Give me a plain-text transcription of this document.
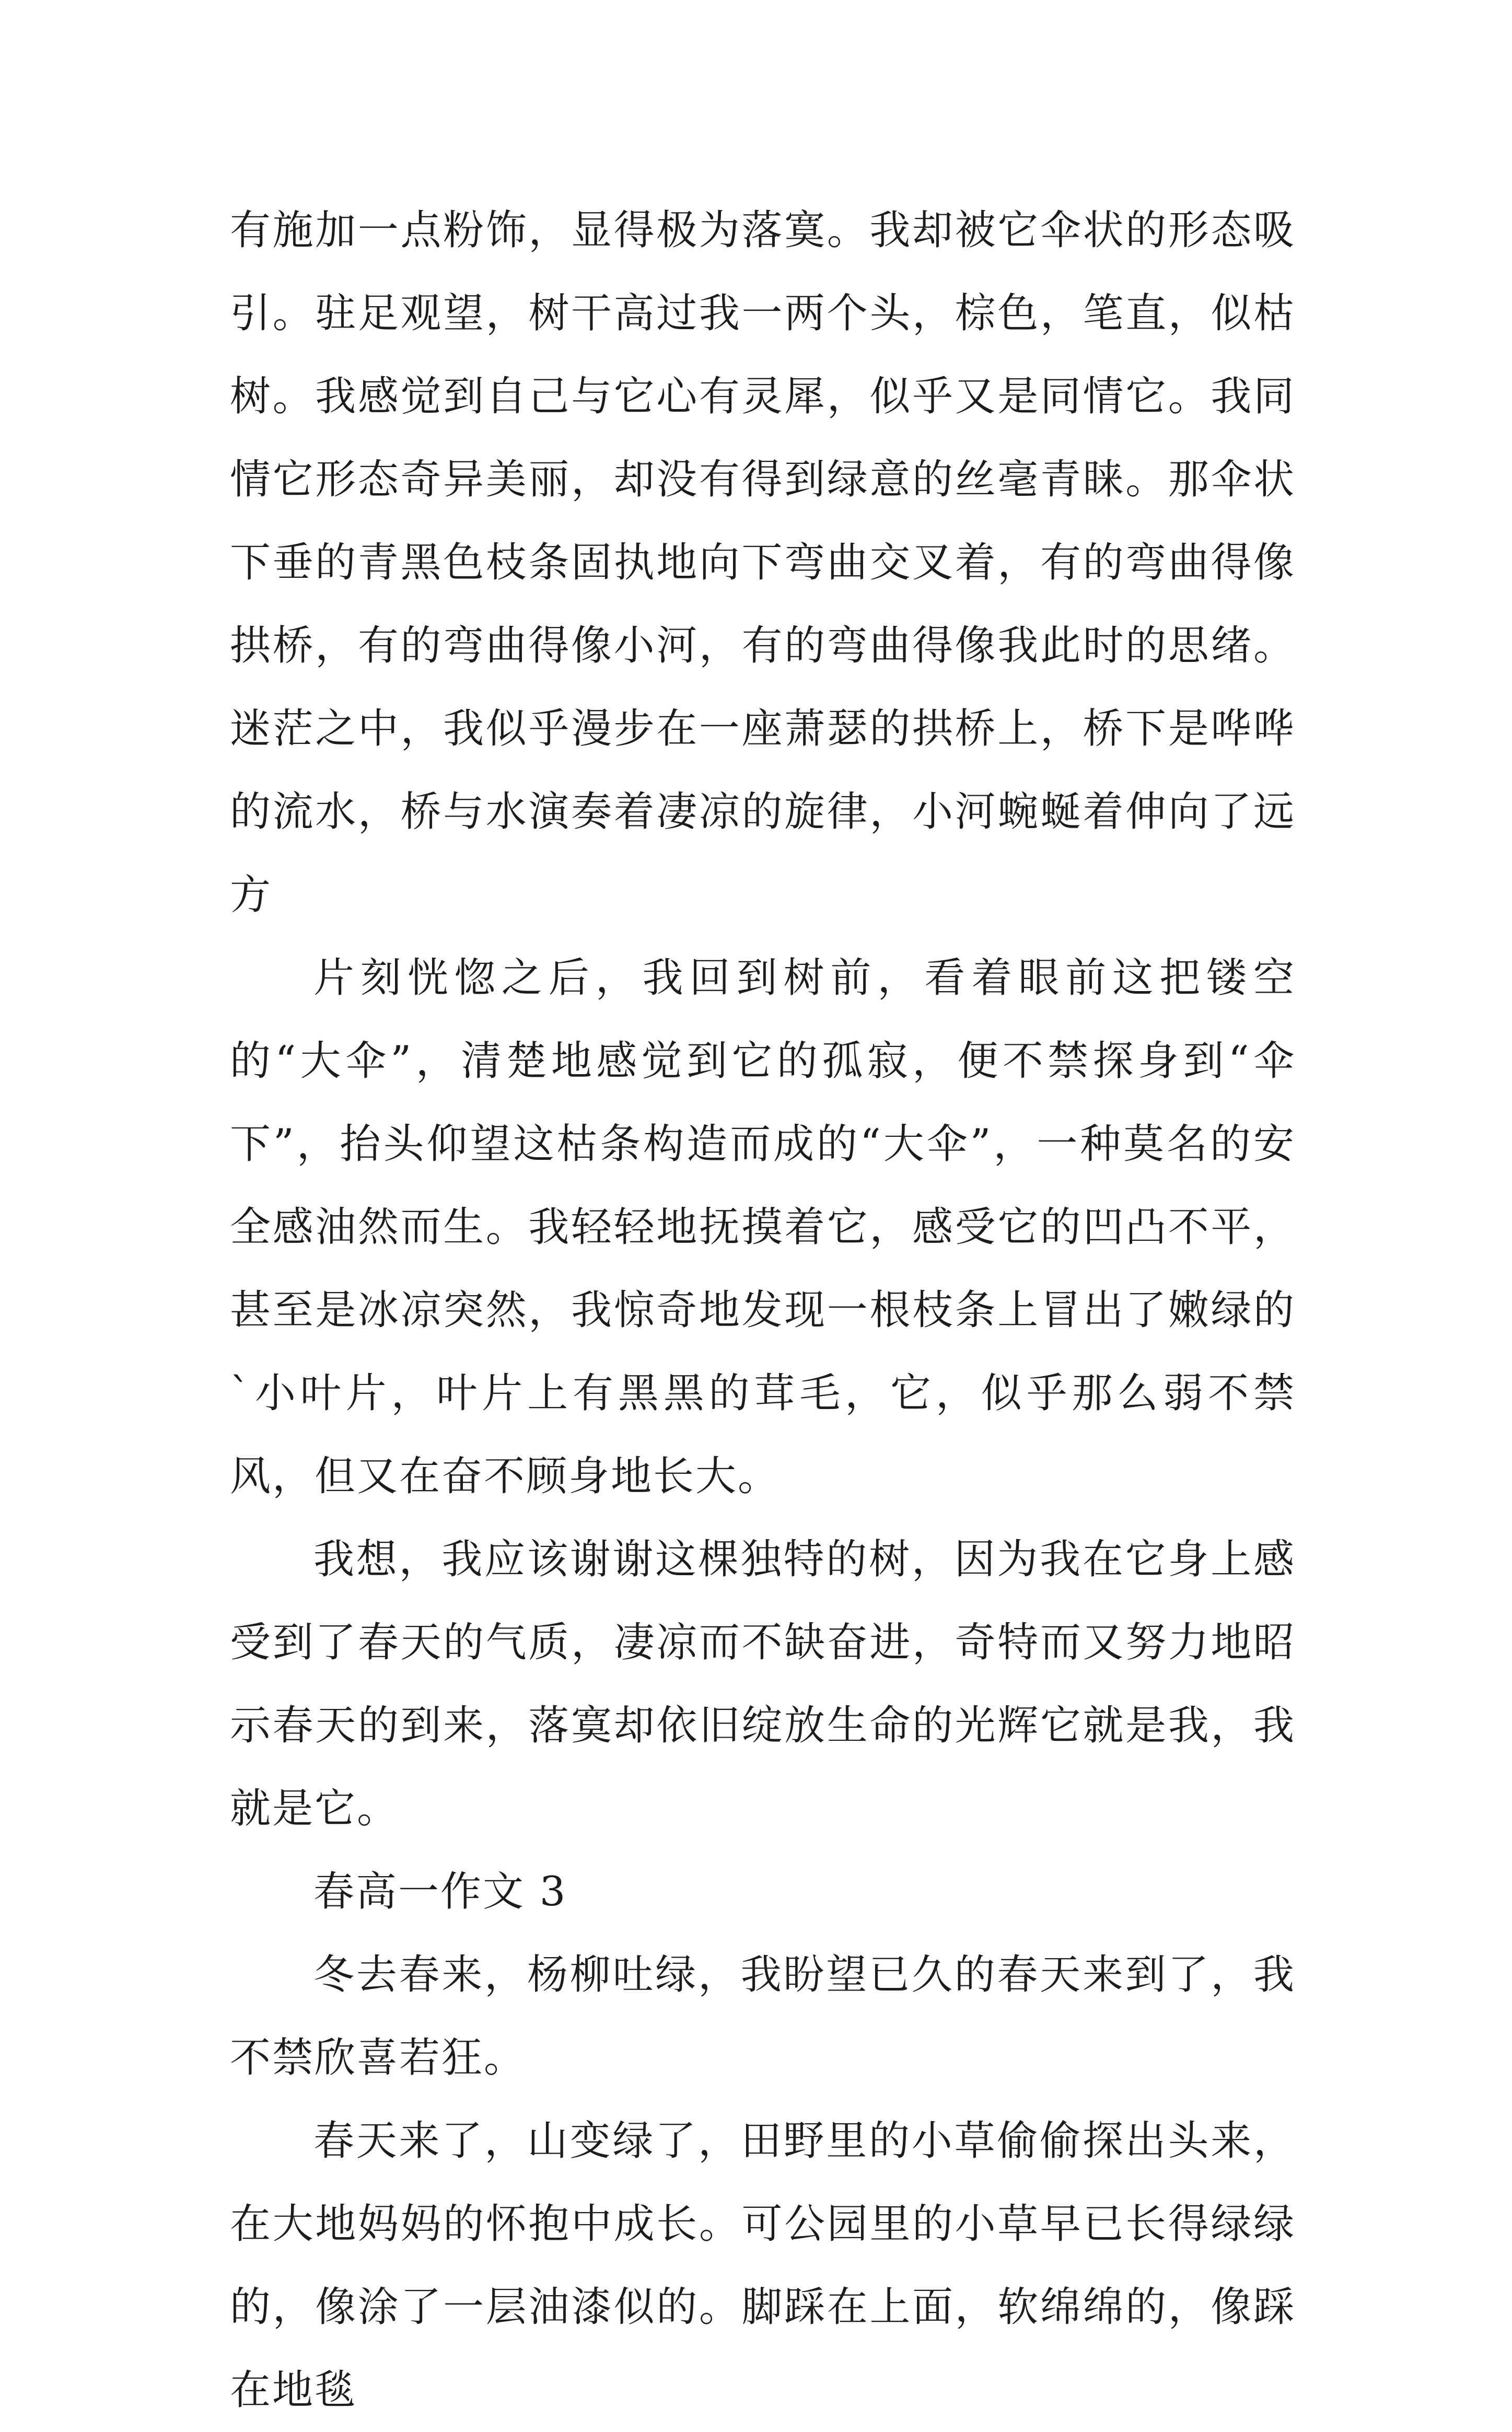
有施加一点粉饰，显得极为落寞。我却被它伞状的形态吸引。驻足观望，树干高过我一两个头，棕色，笔直，似枯树。我感觉到自己与它心有灵犀，似乎又是同情它。我同情它形态奇异美丽，却没有得到绿意的丝毫青睐。那伞状下垂的青黑色枝条固执地向下弯曲交叉着，有的弯曲得像拱桥，有的弯曲得像小河，有的弯曲得像我此时的思绪。迷茫之中，我似乎漫步在一座萧瑟的拱桥上，桥下是哗哗的流水，桥与水演奏着凄凉的旋律，小河蜿蜒着伸向了远方

片刻恍惚之后，我回到树前，看着眼前这把镂空的“大伞”，清楚地感觉到它的孤寂，便不禁探身到“伞下”，抬头仰望这枯条构造而成的“大伞”，一种莫名的安全感油然而生。我轻轻地抚摸着它，感受它的凹凸不平，甚至是冰凉突然，我惊奇地发现一根枝条上冒出了嫩绿的`小叶片，叶片上有黑黑的茸毛，它，似乎那么弱不禁风，但又在奋不顾身地长大。

我想，我应该谢谢这棵独特的树，因为我在它身上感受到了春天的气质，凄凉而不缺奋进，奇特而又努力地昭示春天的到来，落寞却依旧绽放生命的光辉它就是我，我就是它。

春高一作文 3

冬去春来，杨柳吐绿，我盼望已久的春天来到了，我不禁欣喜若狂。

春天来了，山变绿了，田野里的小草偷偷探出头来，在大地妈妈的怀抱中成长。可公园里的小草早已长得绿绿的，像涂了一层油漆似的。脚踩在上面，软绵绵的，像踩在地毯
